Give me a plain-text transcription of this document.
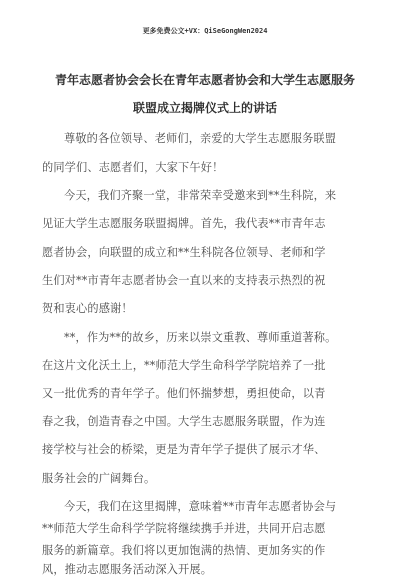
更多免费公文+VX：QiSeGongWen2024
青年志愿者协会会长在青年志愿者协会和大学生志愿服务
联盟成立揭牌仪式上的讲话
尊敬的各位领导、老师们，亲爱的大学生志愿服务联盟
的同学们、志愿者们，大家下午好！
今天，我们齐聚一堂，非常荣幸受邀来到**生科院，来
见证大学生志愿服务联盟揭牌。首先，我代表**市青年志
愿者协会，向联盟的成立和**生科院各位领导、老师和学
生们对**市青年志愿者协会一直以来的支持表示热烈的祝
贺和衷心的感谢！
**，作为**的故乡，历来以崇文重教、尊师重道著称。
在这片文化沃土上，**师范大学生命科学学院培养了一批
又一批优秀的青年学子。他们怀揣梦想，勇担使命，以青
春之我，创造青春之中国。大学生志愿服务联盟，作为连
接学校与社会的桥梁，更是为青年学子提供了展示才华、
服务社会的广阔舞台。
今天，我们在这里揭牌，意味着**市青年志愿者协会与
**师范大学生命科学学院将继续携手并进，共同开启志愿
服务的新篇章。我们将以更加饱满的热情、更加务实的作
风，推动志愿服务活动深入开展。
